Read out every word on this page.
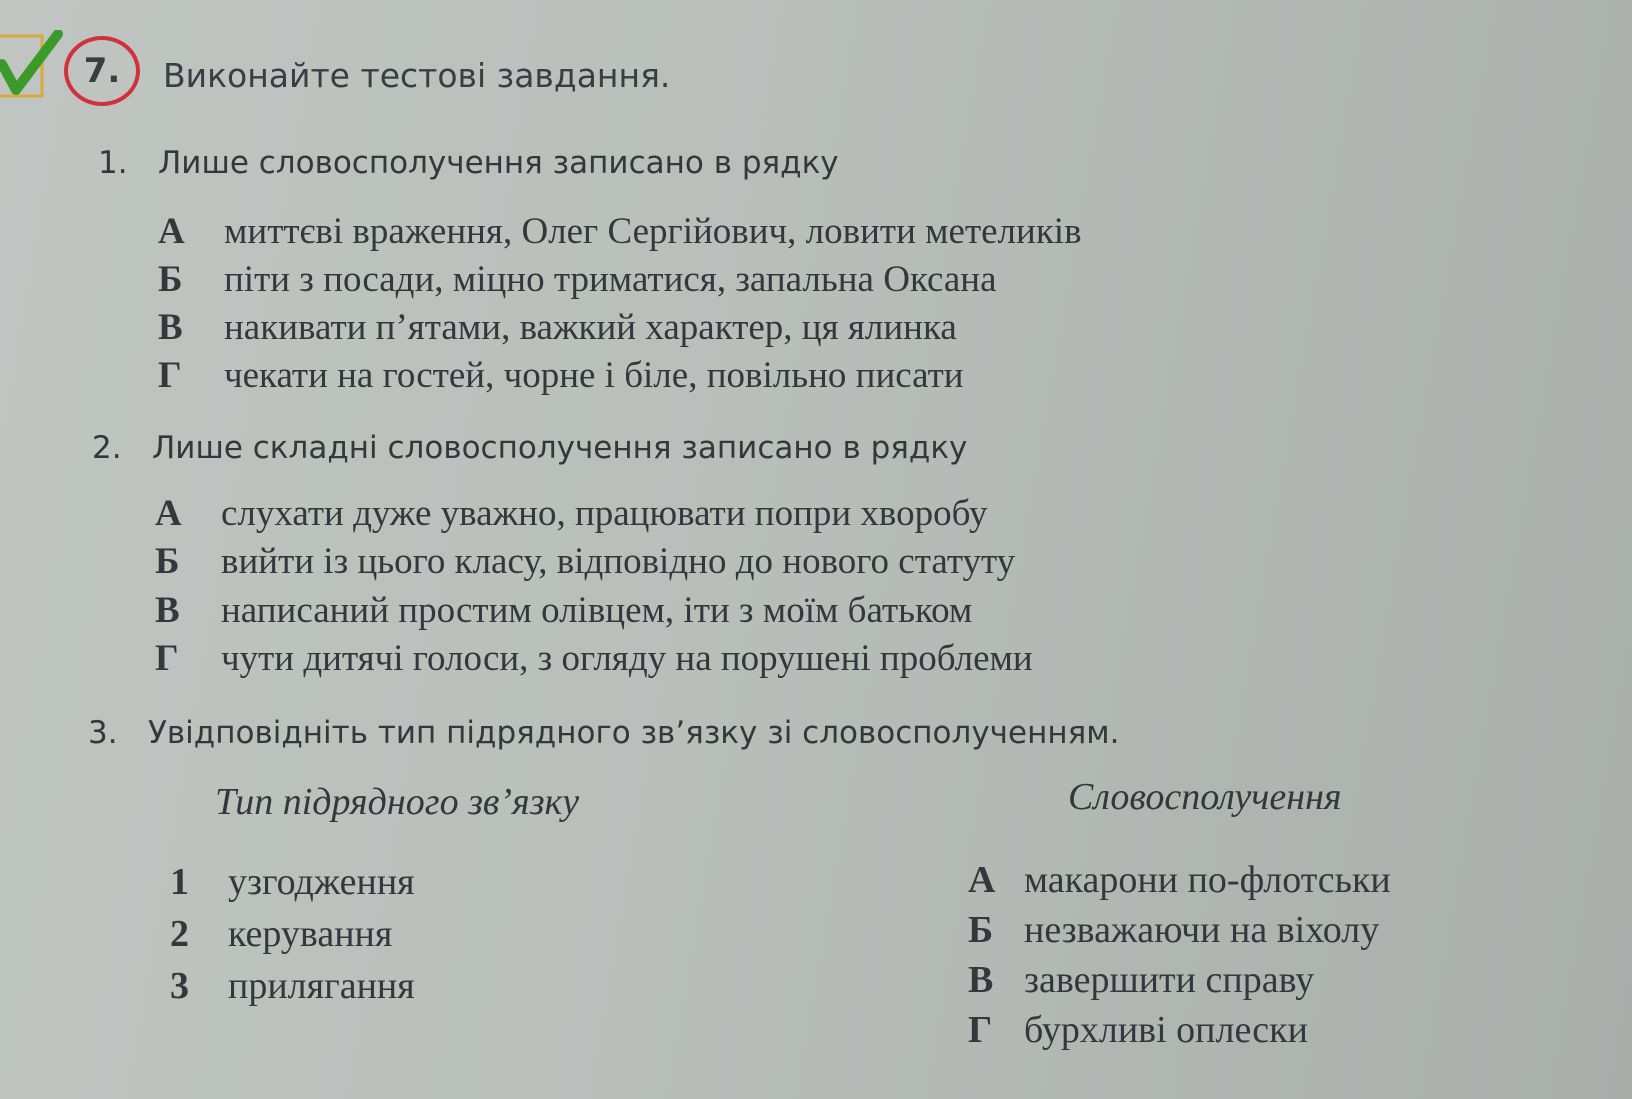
7. Виконайте тестові завдання.
1. Лише словосполучення записано в рядку
А миттєві враження, Олег Сергійович, ловити метеликів
Б піти з посади, міцно триматися, запальна Оксана
В накивати п’ятами, важкий характер, ця ялинка
Г чекати на гостей, чорне і біле, повільно писати
2. Лише складні словосполучення записано в рядку
А слухати дуже уважно, працювати попри хворобу
Б вийти із цього класу, відповідно до нового статуту
В написаний простим олівцем, іти з моїм батьком
Г чути дитячі голоси, з огляду на порушені проблеми
3. Увідповідніть тип підрядного зв’язку зі словосполученням.
Тип підрядного зв’язку	Словосполучення
1 узгодження
2 керування
3 прилягання
А макарони по-флотськи
Б незважаючи на віхолу
В завершити справу
Г бурхливі оплески
